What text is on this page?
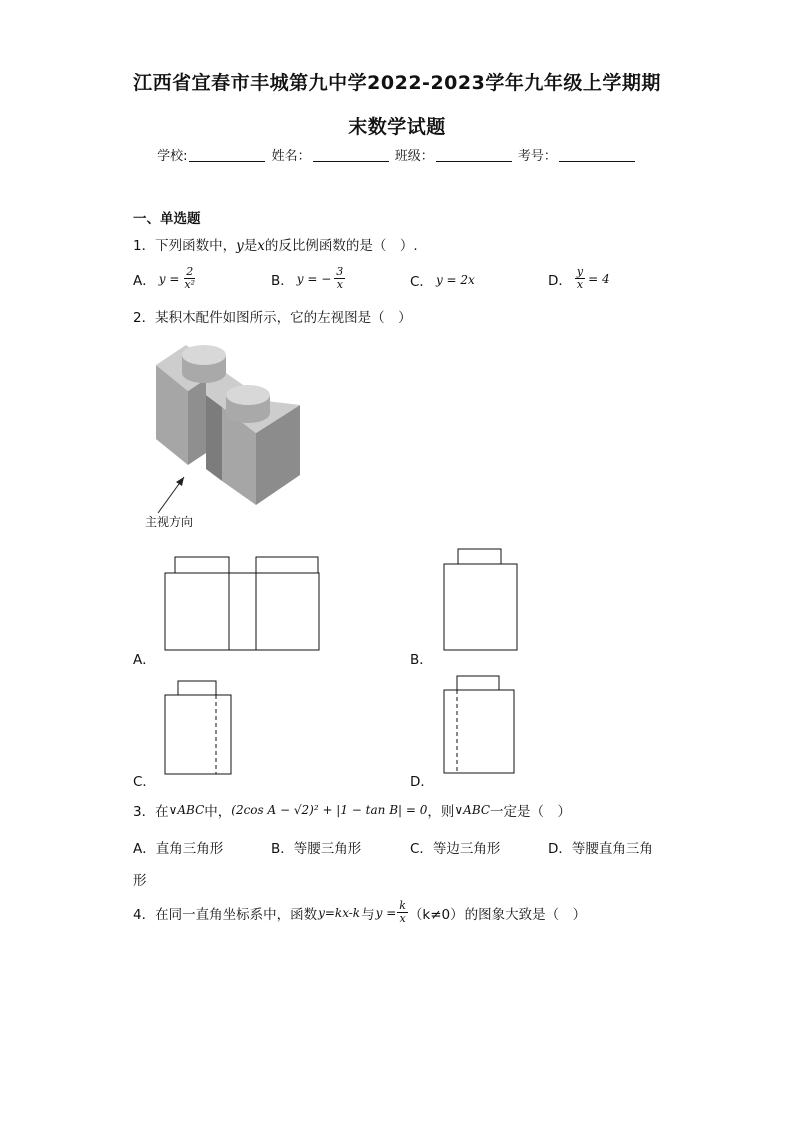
江西省宜春市丰城第九中学2022-2023学年九年级上学期期
末数学试题
学校:	姓名：	班级：	考号：
一、单选题
1．下列函数中，y是x的反比例函数的是（　）.
A． $y = \frac{2}{\text{x²}}$	B． y = − $\frac{3}{x}$	C． y = 2x	D． $\frac{y}{x} = 4$
2．某积木配件如图所示，它的左视图是（　）
主视方向
A．	B．
C．	D．
3．在 ∨ABC 中， (2cos A − √2)² + |1 − tan B| = 0 ，则 ∨ABC 一定是（　）
A．直角三角形	B．等腰三角形	C．等边三角形	D．等腰直角三角
形
4．在同一直角坐标系中，函数 y=kx-k 与 $y = \frac{k}{x} (k\ne 0)$ 的图象大致是（　）
